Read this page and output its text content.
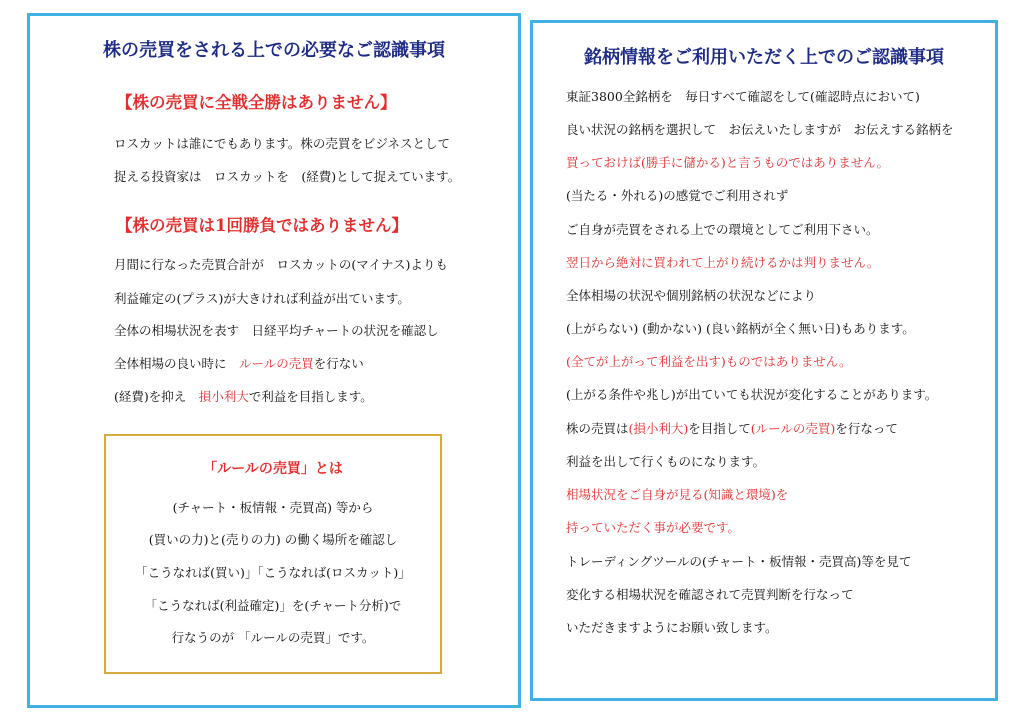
株の売買をされる上での必要なご認識事項
【株の売買に全戦全勝はありません】
ロスカットは誰にでもあります。株の売買をビジネスとして
捉える投資家は　ロスカットを　(経費)として捉えています。
【株の売買は1回勝負ではありません】
月間に行なった売買合計が　ロスカットの(マイナス)よりも
利益確定の(プラス)が大きければ利益が出ています。
全体の相場状況を表す　日経平均チャートの状況を確認し
全体相場の良い時に　ルールの売買を行ない
(経費)を抑え　損小利大で利益を目指します。
「ルールの売買」とは
(チャート・板情報・売買高) 等から
(買いの力)と(売りの力) の働く場所を確認し
「こうなれば(買い)」「こうなれば(ロスカット)」
「こうなれば(利益確定)」を(チャート分析)で
行なうのが 「ルールの売買」です。
銘柄情報をご利用いただく上でのご認識事項
東証3800全銘柄を　毎日すべて確認をして(確認時点において)
良い状況の銘柄を選択して　お伝えいたしますが　お伝えする銘柄を
買っておけば(勝手に儲かる)と言うものではありません。
(当たる・外れる)の感覚でご利用されず
ご自身が売買をされる上での環境としてご利用下さい。
翌日から絶対に買われて上がり続けるかは判りません。
全体相場の状況や個別銘柄の状況などにより
(上がらない) (動かない) (良い銘柄が全く無い日)もあります。
(全てが上がって利益を出す)ものではありません。
(上がる条件や兆し)が出ていても状況が変化することがあります。
株の売買は(損小利大)を目指して(ルールの売買)を行なって
利益を出して行くものになります。
相場状況をご自身が見る(知識と環境)を
持っていただく事が必要です。
トレーディングツールの(チャート・板情報・売買高)等を見て
変化する相場状況を確認されて売買判断を行なって
いただきますようにお願い致します。
